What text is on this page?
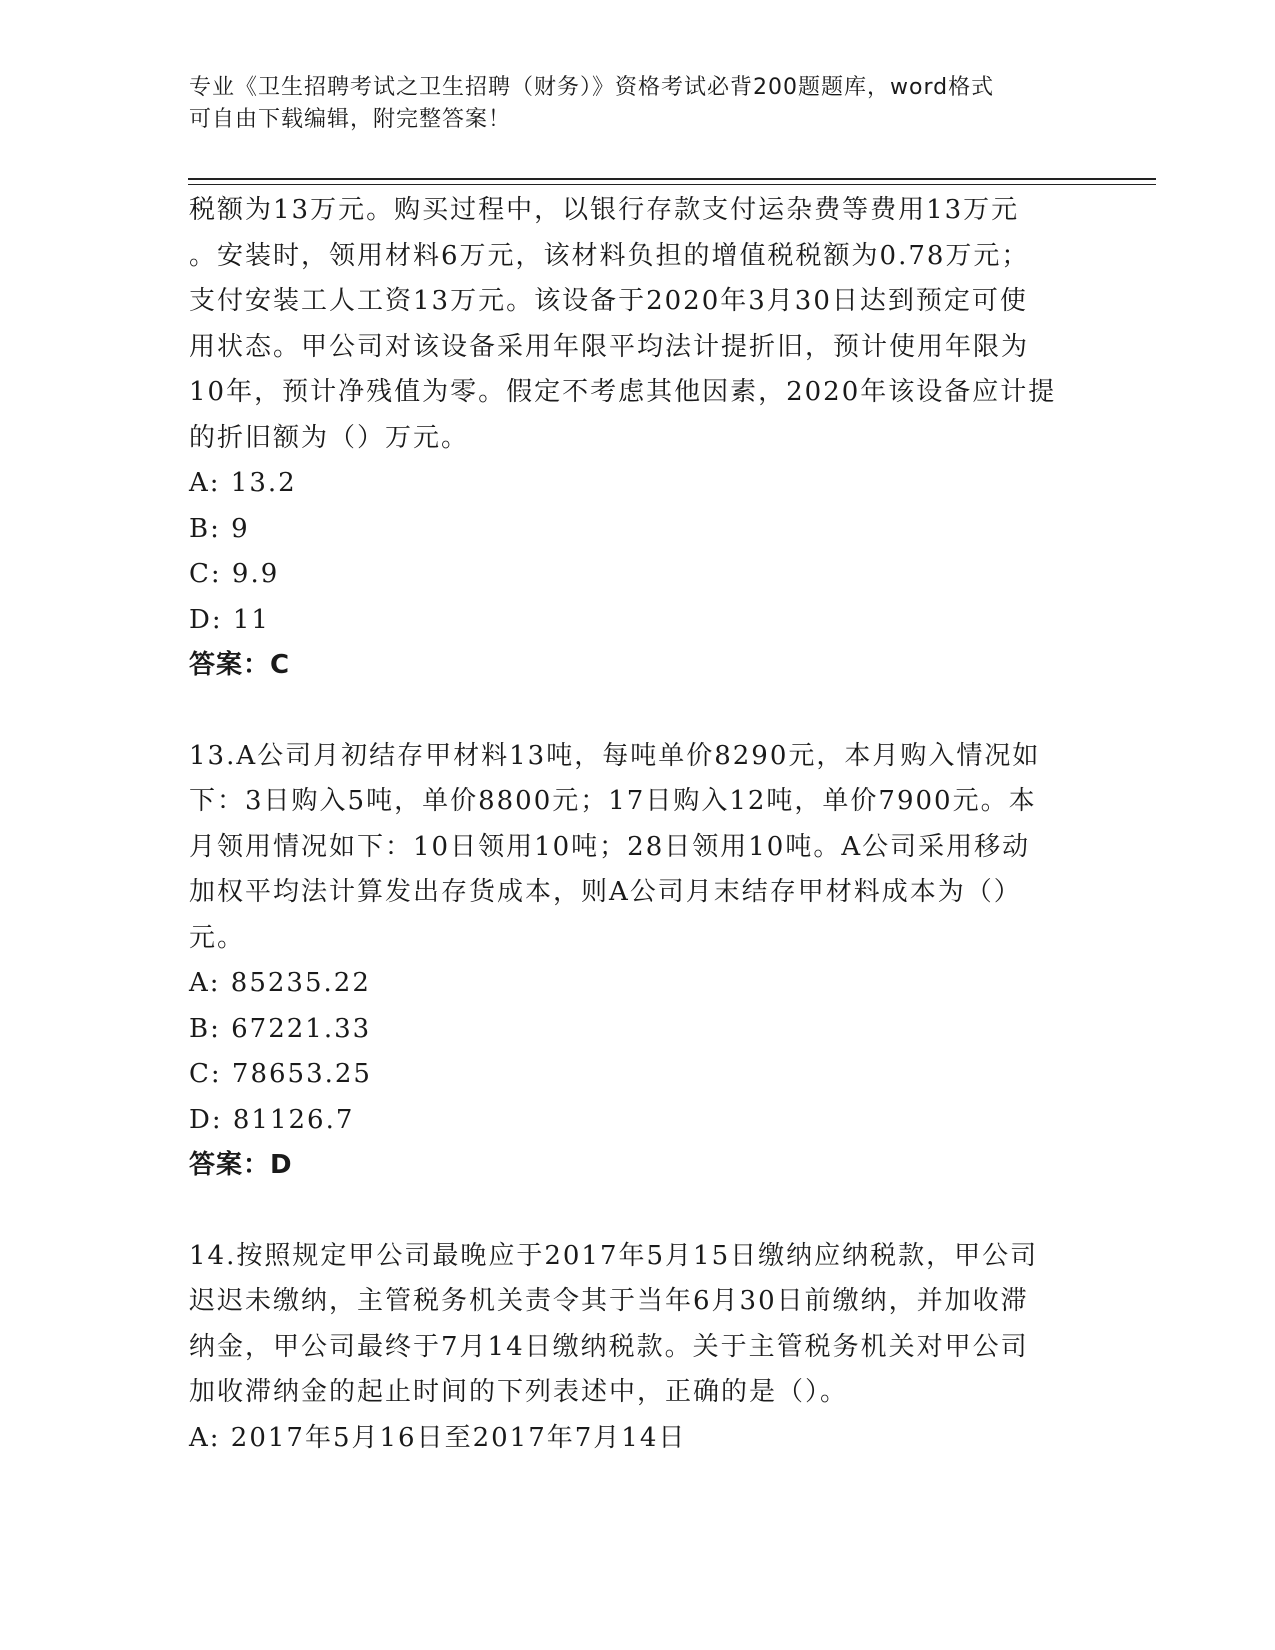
专业《卫生招聘考试之卫生招聘（财务）》资格考试必背200题题库，word格式
可自由下载编辑，附完整答案！

税额为13万元。购买过程中，以银行存款支付运杂费等费用13万元

。安装时，领用材料6万元，该材料负担的增值税税额为0.78万元；

支付安装工人工资13万元。该设备于2020年3月30日达到预定可使

用状态。甲公司对该设备采用年限平均法计提折旧，预计使用年限为

10年，预计净残值为零。假定不考虑其他因素，2020年该设备应计提

的折旧额为（）万元。

A: 13.2

B: 9

C: 9.9

D: 11

答案：C

13.A公司月初结存甲材料13吨，每吨单价8290元，本月购入情况如

下：3日购入5吨，单价8800元；17日购入12吨，单价7900元。本

月领用情况如下：10日领用10吨；28日领用10吨。A公司采用移动

加权平均法计算发出存货成本，则A公司月末结存甲材料成本为（）

元。

A: 85235.22

B: 67221.33

C: 78653.25

D: 81126.7

答案：D

14.按照规定甲公司最晚应于2017年5月15日缴纳应纳税款，甲公司

迟迟未缴纳，主管税务机关责令其于当年6月30日前缴纳，并加收滞

纳金，甲公司最终于7月14日缴纳税款。关于主管税务机关对甲公司

加收滞纳金的起止时间的下列表述中，正确的是（）。

A: 2017年5月16日至2017年7月14日
